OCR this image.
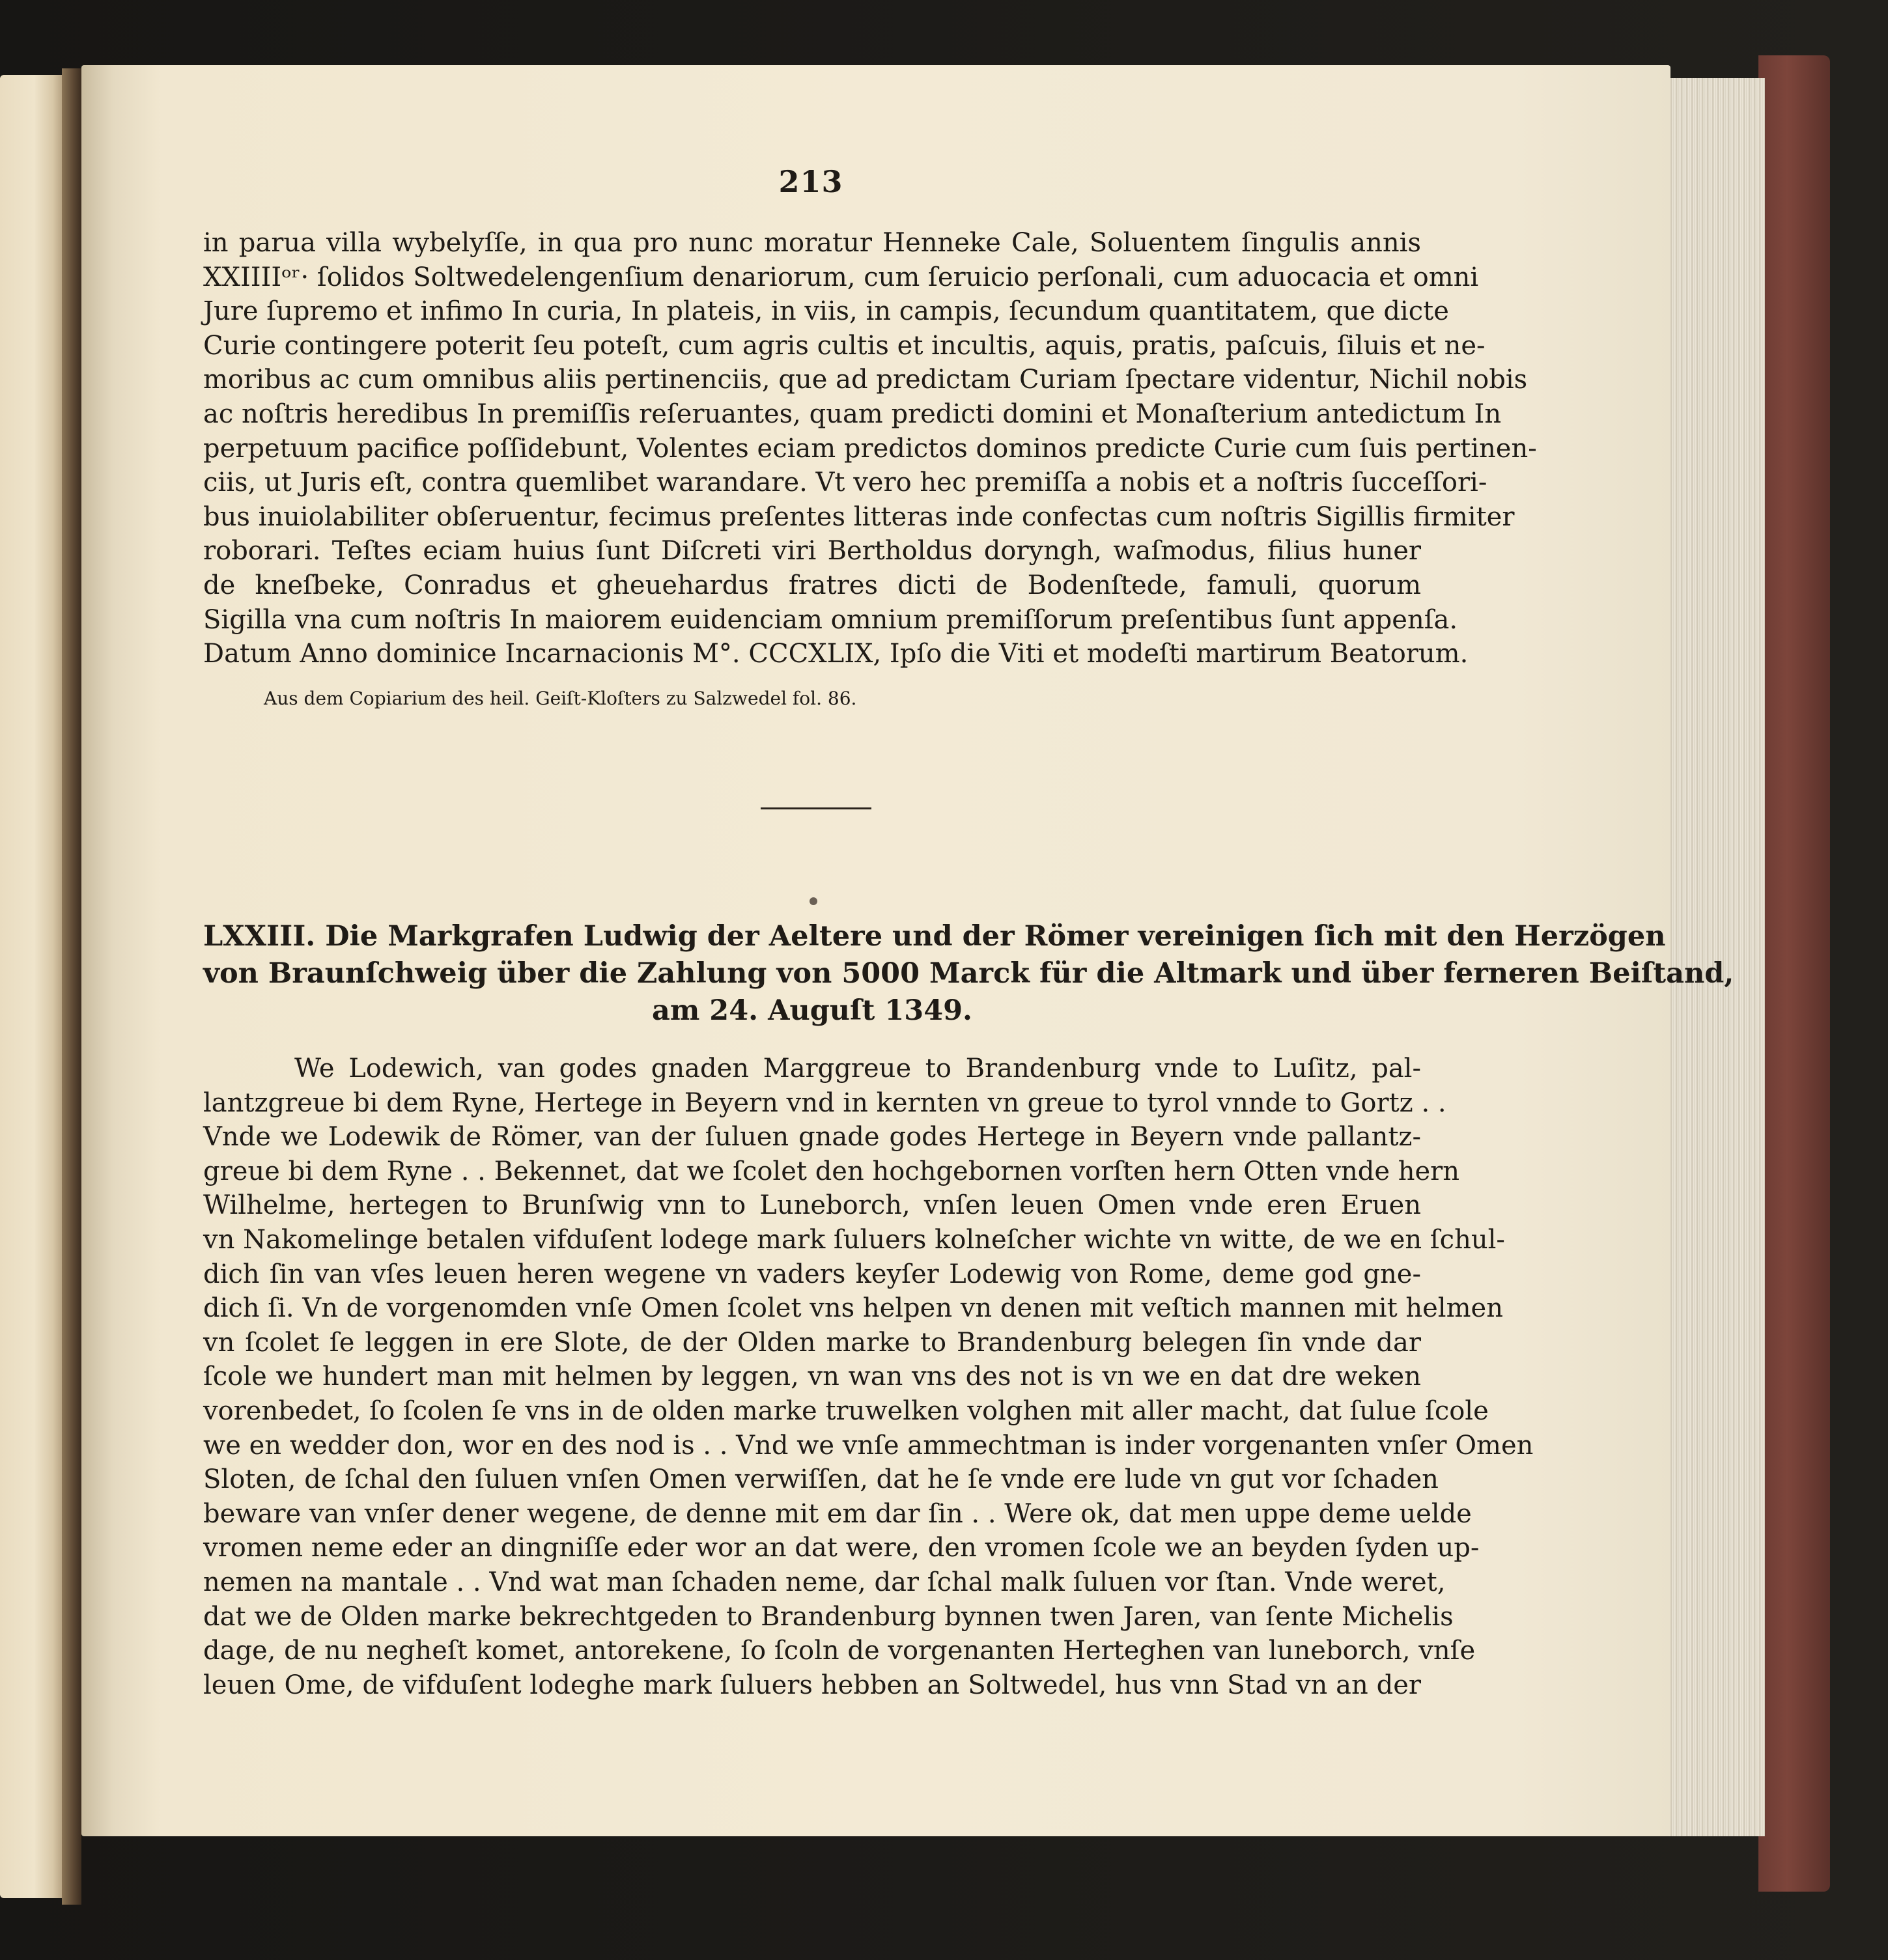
213
in parua villa wybelyſſe, in qua pro nunc moratur Henneke Cale, Soluentem ſingulis annis
XXIIIIᵒʳ· ſolidos Soltwedelengenſium denariorum, cum ſeruicio perſonali, cum aduocacia et omni
Jure ſupremo et infimo In curia, In plateis, in viis, in campis, ſecundum quantitatem, que dicte
Curie contingere poterit ſeu poteſt, cum agris cultis et incultis, aquis, pratis, paſcuis, ſiluis et ne-
moribus ac cum omnibus aliis pertinenciis, que ad predictam Curiam ſpectare videntur, Nichil nobis
ac noſtris heredibus In premiſſis reſeruantes, quam predicti domini et Monaſterium antedictum In
perpetuum pacifice poſſidebunt, Volentes eciam predictos dominos predicte Curie cum ſuis pertinen-
ciis, ut Juris eſt, contra quemlibet warandare. Vt vero hec premiſſa a nobis et a noſtris ſucceſſori-
bus inuiolabiliter obſeruentur, fecimus preſentes litteras inde confectas cum noſtris Sigillis firmiter
roborari. Teſtes eciam huius ſunt Diſcreti viri Bertholdus doryngh, waſmodus, filius huner
de kneſbeke, Conradus et gheuehardus fratres dicti de Bodenſtede, famuli, quorum
Sigilla vna cum noſtris In maiorem euidenciam omnium premiſſorum preſentibus ſunt appenſa.
Datum Anno dominice Incarnacionis M°. CCCXLIX, Ipſo die Viti et modeſti martirum Beatorum.
Aus dem Copiarium des heil. Geiſt-Kloſters zu Salzwedel fol. 86.
LXXIII. Die Markgrafen Ludwig der Aeltere und der Römer vereinigen ſich mit den Herzögen
von Braunſchweig über die Zahlung von 5000 Marck für die Altmark und über ferneren Beiſtand,
am 24. Auguſt 1349.
We Lodewich, van godes gnaden Marggreue to Brandenburg vnde to Luſitz, pal-
lantzgreue bi dem Ryne, Hertege in Beyern vnd in kernten vn greue to tyrol vnnde to Gortz . .
Vnde we Lodewik de Römer, van der ſuluen gnade godes Hertege in Beyern vnde pallantz-
greue bi dem Ryne . . Bekennet, dat we ſcolet den hochgebornen vorſten hern Otten vnde hern
Wilhelme, hertegen to Brunſwig vnn to Luneborch, vnſen leuen Omen vnde eren Eruen
vn Nakomelinge betalen vifduſent lodege mark ſuluers kolneſcher wichte vn witte, de we en ſchul-
dich ſin van vſes leuen heren wegene vn vaders keyſer Lodewig von Rome, deme god gne-
dich ſi. Vn de vorgenomden vnſe Omen ſcolet vns helpen vn denen mit veſtich mannen mit helmen
vn ſcolet ſe leggen in ere Slote, de der Olden marke to Brandenburg belegen ſin vnde dar
ſcole we hundert man mit helmen by leggen, vn wan vns des not is vn we en dat dre weken
vorenbedet, ſo ſcolen ſe vns in de olden marke truwelken volghen mit aller macht, dat ſulue ſcole
we en wedder don, wor en des nod is . . Vnd we vnſe ammechtman is inder vorgenanten vnſer Omen
Sloten, de ſchal den ſuluen vnſen Omen verwiſſen, dat he ſe vnde ere lude vn gut vor ſchaden
beware van vnſer dener wegene, de denne mit em dar ſin . . Were ok, dat men uppe deme uelde
vromen neme eder an dingniſſe eder wor an dat were, den vromen ſcole we an beyden ſyden up-
nemen na mantale . . Vnd wat man ſchaden neme, dar ſchal malk ſuluen vor ſtan. Vnde weret,
dat we de Olden marke bekrechtgeden to Brandenburg bynnen twen Jaren, van ſente Michelis
dage, de nu negheſt komet, antorekene, ſo ſcoln de vorgenanten Herteghen van luneborch, vnſe
leuen Ome, de vifduſent lodeghe mark ſuluers hebben an Soltwedel, hus vnn Stad vn an der
